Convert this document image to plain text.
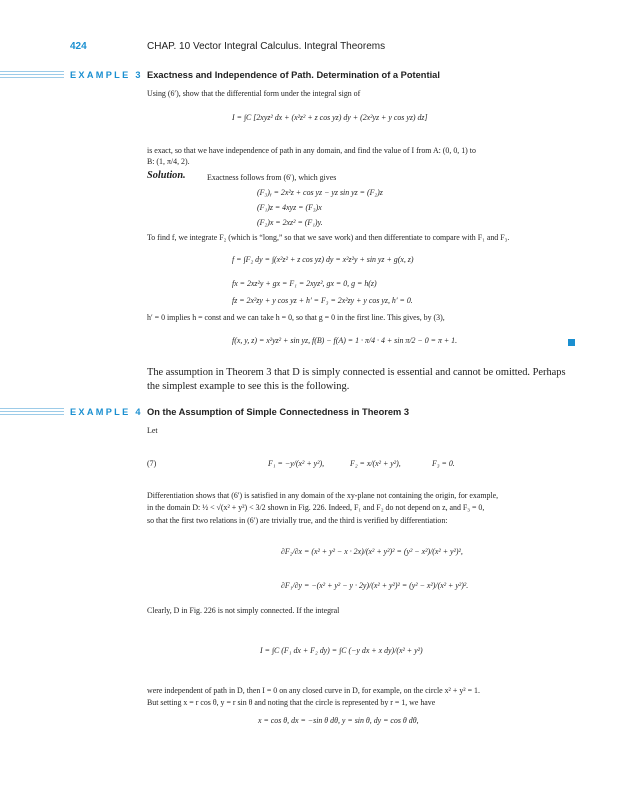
424	CHAP. 10 Vector Integral Calculus. Integral Theorems
EXAMPLE 3 Exactness and Independence of Path. Determination of a Potential
Using (6′), show that the differential form under the integral sign of
I = ∫C [2xyz² dx + (x²z² + z cos yz) dy + (2x²yz + y cos yz) dz]
is exact, so that we have independence of path in any domain, and find the value of I from A: (0, 0, 1) to
B: (1, π/4, 2).
Solution.	Exactness follows from (6′), which gives
(F₃)ᵧ = 2x²z + cos yz − yz sin yz = (F₂)z
(F₁)z = 4xyz = (F₃)x
(F₂)x = 2xz² = (F₁)y.
To find f, we integrate F₂ (which is “long,” so that we save work) and then differentiate to compare with F₁ and F₃.
f = ∫F₂ dy = ∫(x²z² + z cos yz) dy = x²z²y + sin yz + g(x, z)
fx = 2xz²y + gx = F₁ = 2xyz², gx = 0, g = h(z)
fz = 2x²zy + y cos yz + h′ = F₃ = 2x²zy + y cos yz, h′ = 0.
h′ = 0 implies h = const and we can take h = 0, so that g = 0 in the first line. This gives, by (3),
f(x, y, z) = x²yz² + sin yz, f(B) − f(A) = 1 · π/4 · 4 + sin π/2 − 0 = π + 1.
The assumption in Theorem 3 that D is simply connected is essential and cannot be omitted. Perhaps the simplest example to see this is the following.
EXAMPLE 4 On the Assumption of Simple Connectedness in Theorem 3
Let
(7)	F₁ = −y/(x² + y²),	F₂ = x/(x² + y²),	F₃ = 0.
Differentiation shows that (6′) is satisfied in any domain of the xy-plane not containing the origin, for example,
in the domain D: ½ < √(x² + y²) < 3/2 shown in Fig. 226. Indeed, F₁ and F₂ do not depend on z, and F₃ = 0,
so that the first two relations in (6′) are trivially true, and the third is verified by differentiation:
∂F₂/∂x = (x² + y² − x · 2x)/(x² + y²)² = (y² − x²)/(x² + y²)²,
∂F₁/∂y = −(x² + y² − y · 2y)/(x² + y²)² = (y² − x²)/(x² + y²)².
Clearly, D in Fig. 226 is not simply connected. If the integral
I = ∫C (F₁ dx + F₂ dy) = ∫C (−y dx + x dy)/(x² + y²)
were independent of path in D, then I = 0 on any closed curve in D, for example, on the circle x² + y² = 1.
But setting x = r cos θ, y = r sin θ and noting that the circle is represented by r = 1, we have
x = cos θ, dx = −sin θ dθ, y = sin θ, dy = cos θ dθ,
